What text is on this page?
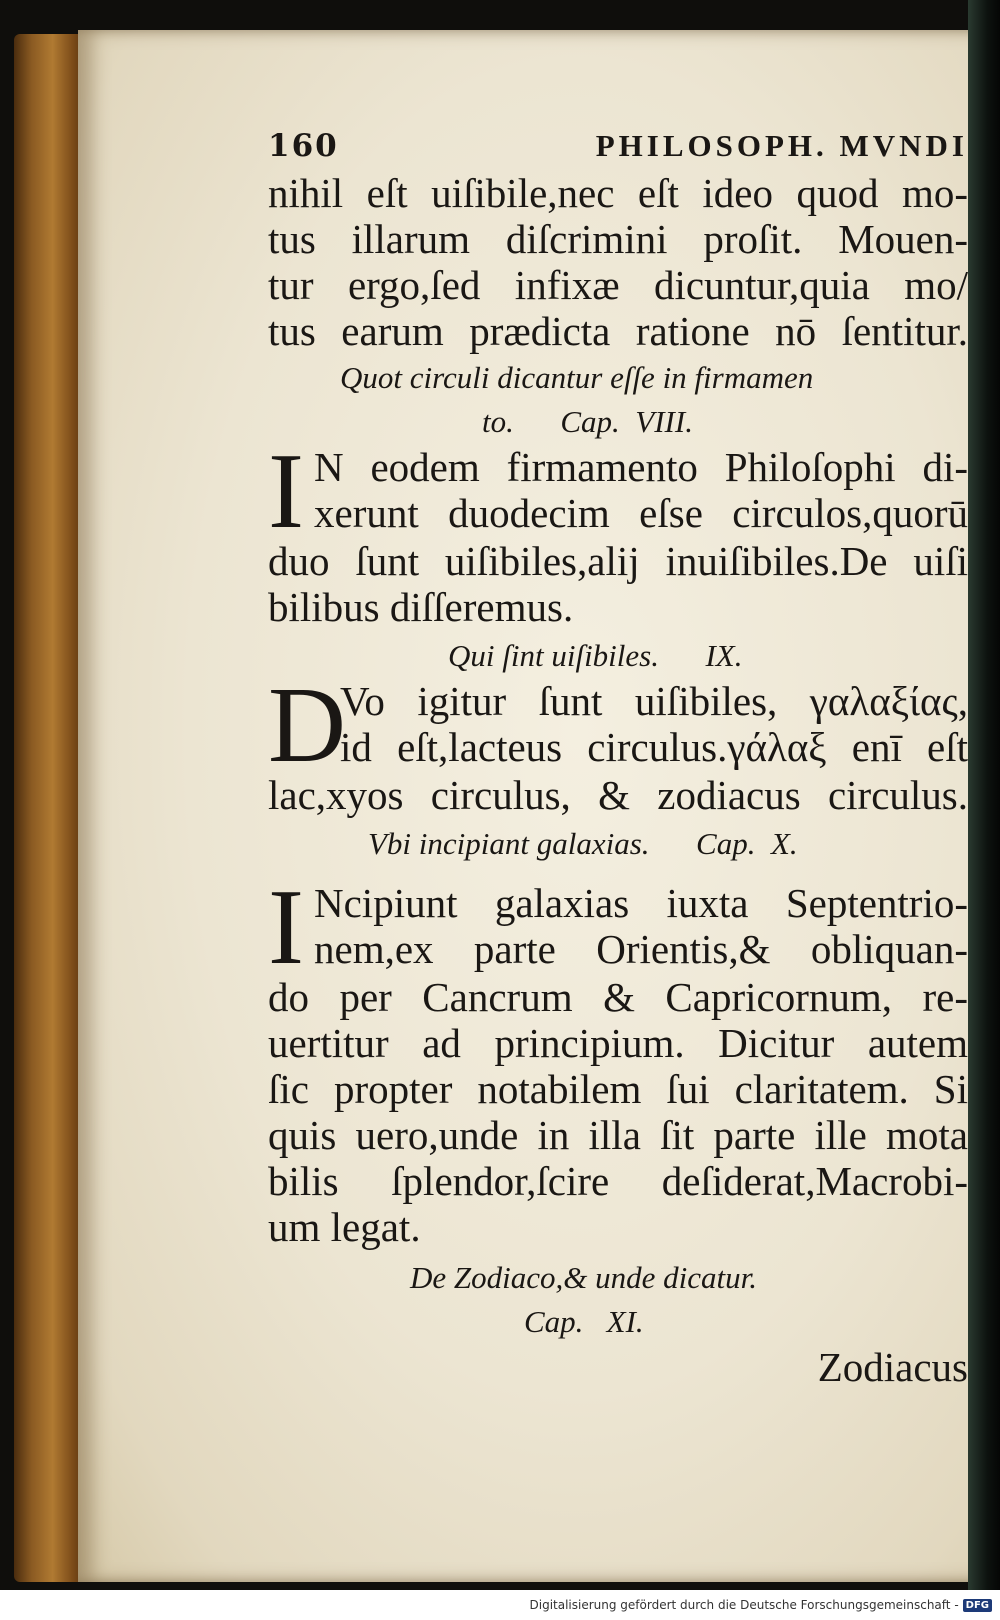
160	PHILOSOPH. MVNDI
nihil eſt uiſibile,nec eſt ideo quod mo-
tus illarum diſcrimini proſit. Mouen-
tur ergo,ſed infixæ dicuntur,quia mo/
tus earum prædicta ratione nō ſentitur.
Quot circuli dicantur eſſe in firmamen
to.      Cap.  VIII.
I N eodem firmamento Philoſophi di-
xerunt duodecim eſse circulos,quorū
duo ſunt uiſibiles,alij inuiſibiles.De uiſi
bilibus diſſeremus.
Qui ſint uiſibiles.      IX.
D
Vo igitur ſunt uiſibiles, γαλαξίας,
id eſt,lacteus circulus.γάλαξ enī eſt
lac,xyos circulus, & zodiacus circulus.
Vbi incipiant galaxias.      Cap.  X.
I Ncipiunt galaxias iuxta Septentrio-
nem,ex parte Orientis,& obliquan-
do per Cancrum & Capricornum, re-
uertitur ad principium. Dicitur autem
ſic propter notabilem ſui claritatem. Si
quis uero,unde in illa ſit parte ille mota
bilis ſplendor,ſcire deſiderat,Macrobi-
um legat.
De Zodiaco,& unde dicatur.
Cap.   XI.
Zodiacus
Digitalisierung gefördert durch die Deutsche Forschungsgemeinschaft - DFG
